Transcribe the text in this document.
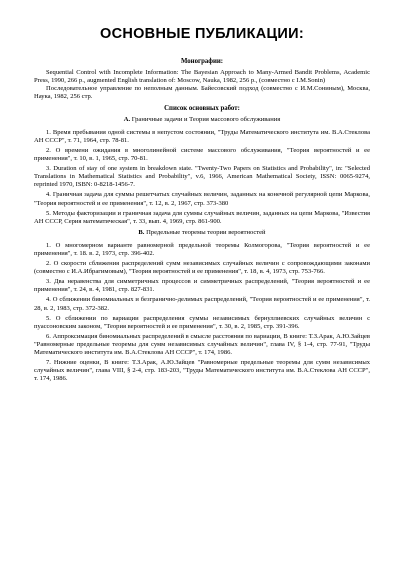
ОСНОВНЫЕ ПУБЛИКАЦИИ:
Монографии:

Sequential Control with Incomplete Information: The Bayesian Approach to Many-Armed Bandit Problems, Academic Press, 1990, 266 p., augmented English translation of: Moscow, Nauka, 1982, 256 p., (совместно с I.M.Sonin)

Последовательное управление по неполным данным. Байесовский подход (совместно с И.М.Сониным), Москва, Наука, 1982, 256 стр.

Список основных работ:
А. Граничные задачи и Теория массового обслуживания

1. Время пребывания одной системы в непустом состоянии, "Труды Математического института им. В.А.Стеклова АН СССР", т. 71, 1964, стр. 78-81.

2. О времени ожидания в многолинейной системе массового обслуживания, "Теория вероятностей и ее применения", т. 10, в. 1, 1965, стр. 70-81.

3. Duration of stay of one system in breakdown state. "Twenty-Two Papers on Statistics and Probability", in: "Selected Translations in Mathematical Statistics and Probability", v.6, 1966, American Mathematical Society, ISSN: 0065-9274, reprinted 1970, ISBN: 0-8218-1456-7.

4. Граничная задача для суммы решетчатых случайных величин, заданных на конечной регулярной цепи Маркова, "Теория вероятностей и ее применения", т. 12, в. 2, 1967, стр. 373-380

5. Методы факторизации и граничная задача для суммы случайных величин, заданных на цепи Маркова, "Известия АН СССР, Серия математическая", т. 33, вып. 4, 1969, стр. 861-900.

B. Предельные теоремы теории вероятностей

1. О многомерном варианте равномерной предельной теоремы Колмогорова, "Теория вероятностей и ее применения", т. 18. в. 2, 1973, стр. 396-402.

2. О скорости сближения распределений сумм независимых случайных величин с сопровождающими законами (совместно с И.А.Ибрагимовым), "Теория вероятностей и ее применения", т. 18, в. 4, 1973, стр. 753-766.

3. Два неравенства для симметричных процессов и симметричных распределений, "Теория вероятностей и ее применения", т. 24, в. 4, 1981, стр. 827-831.

4. О сближении биномиальных и безгранично-делимых распределений, "Теория вероятностей и ее применения", т. 28, в. 2, 1983, стр. 372-382.

5. О сближении по вариации распределения суммы независимых бернуллиевских случайных величин с пуассоновским законом, "Теория вероятностей и ее применения", т. 30, в. 2, 1985, стр. 391-396.

6. Аппроксимация биномиальных распределений в смысле расстояния по вариации, В книге: Т.З.Арак, А.Ю.Зайцев "Равномерные предельные теоремы для сумм независимых случайных величин", глава IV, § 1-4, стр. 77-91, "Труды Математического института им. В.А.Стеклова АН СССР", т. 174, 1986.

7. Нижние оценки, В книге: Т.З.Арак, А.Ю.Зайцев "Равномерные предельные теоремы для сумм независимых случайных величин", глава VIII, § 2-4, стр. 183-203, "Труды Математического института им. В.А.Стеклова АН СССР", т. 174, 1986.
